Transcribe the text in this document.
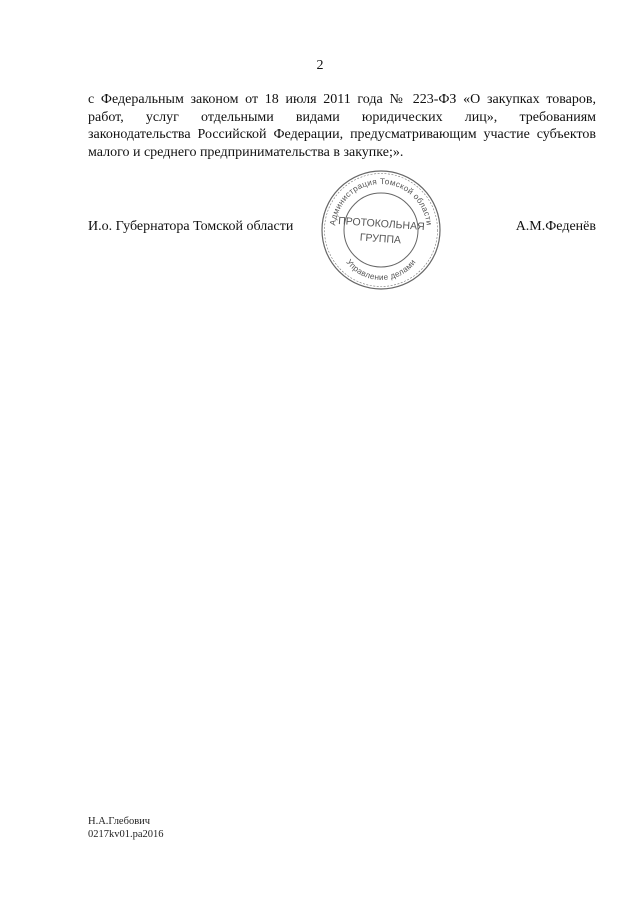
2
с Федеральным законом от 18 июля 2011 года № 223-ФЗ «О закупках товаров,
работ, услуг отдельными видами юридических лиц», требованиям
законодательства Российской Федерации, предусматривающим участие субъектов
малого и среднего предпринимательства в закупке;».
И.о. Губернатора Томской области	А.М.Феденёв
Администрация Томской области
Управление делами
ПРОТОКОЛЬНАЯ
ГРУППА
Н.А.Глебович
0217kv01.pa2016
